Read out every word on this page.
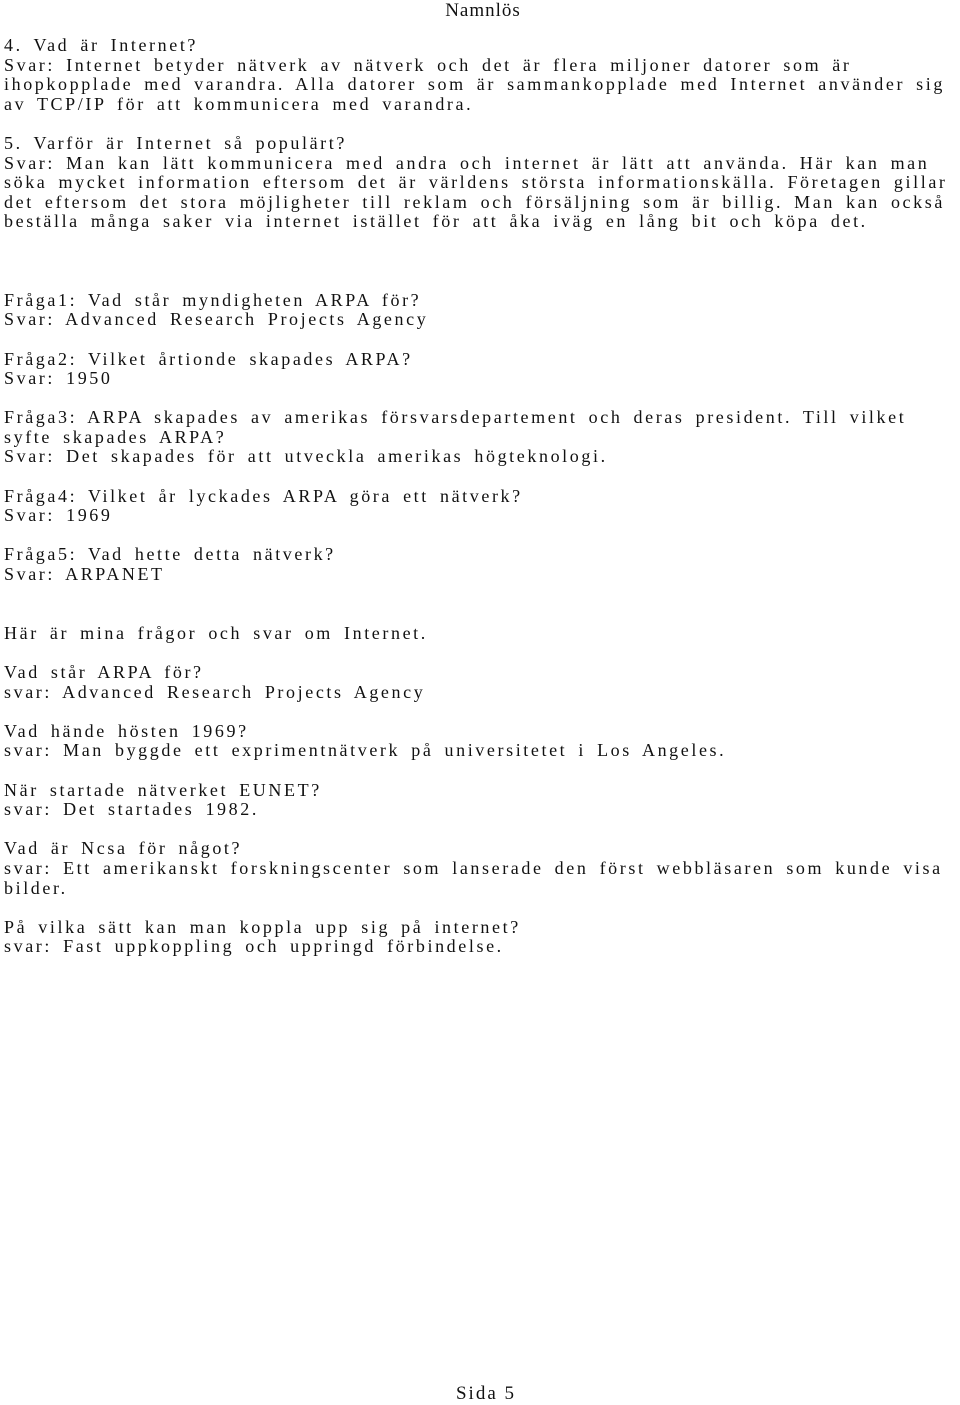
Namnlös
4. Vad är Internet?
Svar: Internet betyder nätverk av nätverk och det är flera miljoner datorer som är ihopkopplade med varandra. Alla datorer som är sammankopplade med Internet använder sig av TCP/IP för att kommunicera med varandra.
5. Varför är Internet så populärt?
Svar: Man kan lätt kommunicera med andra och internet är lätt att använda. Här kan man söka mycket information eftersom det är världens största informationskälla. Företagen gillar det eftersom det stora möjligheter till reklam och försäljning som är billig. Man kan också beställa många saker via internet istället för att åka iväg en lång bit och köpa det.
Fråga1: Vad står myndigheten ARPA för?
Svar: Advanced Research Projects Agency
Fråga2: Vilket årtionde skapades ARPA?
Svar: 1950
Fråga3: ARPA skapades av amerikas försvarsdepartement och deras president. Till vilket syfte skapades ARPA?
Svar: Det skapades för att utveckla amerikas högteknologi.
Fråga4: Vilket år lyckades ARPA göra ett nätverk?
Svar: 1969
Fråga5: Vad hette detta nätverk?
Svar: ARPANET
Här är mina frågor och svar om Internet.
Vad står ARPA för?
svar: Advanced Research Projects Agency
Vad hände hösten 1969?
svar: Man byggde ett exprimentnätverk på universitetet i Los Angeles.
När startade nätverket EUNET?
svar: Det startades 1982.
Vad är Ncsa för något?
svar: Ett amerikanskt forskningscenter som lanserade den först webbläsaren som kunde visa bilder.
På vilka sätt kan man koppla upp sig på internet?
svar: Fast uppkoppling och uppringd förbindelse.
Sida 5
